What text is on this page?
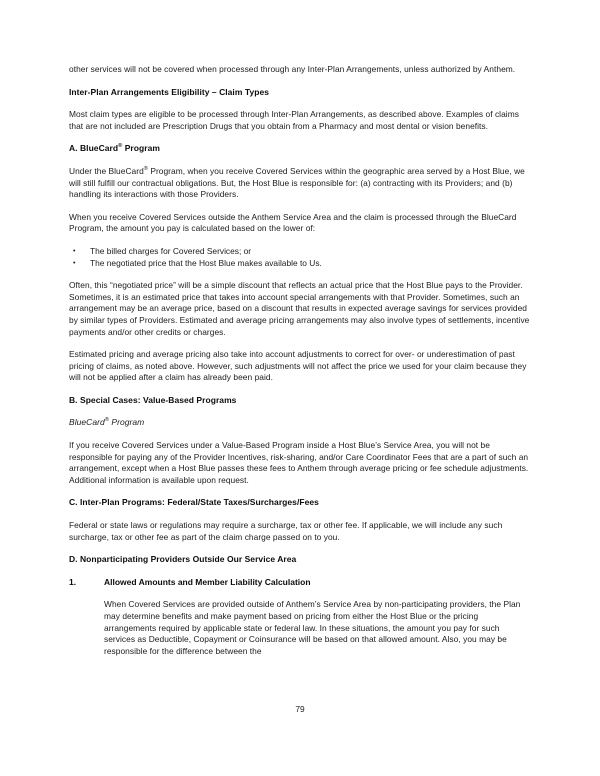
other services will not be covered when processed through any Inter-Plan Arrangements, unless authorized by Anthem.

Inter-Plan Arrangements Eligibility – Claim Types

Most claim types are eligible to be processed through Inter-Plan Arrangements, as described above. Examples of claims that are not included are Prescription Drugs that you obtain from a Pharmacy and most dental or vision benefits.

A. BlueCard® Program

Under the BlueCard® Program, when you receive Covered Services within the geographic area served by a Host Blue, we will still fulfill our contractual obligations. But, the Host Blue is responsible for: (a) contracting with its Providers; and (b) handling its interactions with those Providers.

When you receive Covered Services outside the Anthem Service Area and the claim is processed through the BlueCard Program, the amount you pay is calculated based on the lower of:

•	The billed charges for Covered Services; or
•	The negotiated price that the Host Blue makes available to Us.

Often, this “negotiated price” will be a simple discount that reflects an actual price that the Host Blue pays to the Provider. Sometimes, it is an estimated price that takes into account special arrangements with that Provider. Sometimes, such an arrangement may be an average price, based on a discount that results in expected average savings for services provided by similar types of Providers. Estimated and average pricing arrangements may also involve types of settlements, incentive payments and/or other credits or charges.

Estimated pricing and average pricing also take into account adjustments to correct for over- or underestimation of past pricing of claims, as noted above. However, such adjustments will not affect the price we used for your claim because they will not be applied after a claim has already been paid.

B. Special Cases: Value-Based Programs
BlueCard® Program

If you receive Covered Services under a Value-Based Program inside a Host Blue’s Service Area, you will not be responsible for paying any of the Provider Incentives, risk-sharing, and/or Care Coordinator Fees that are a part of such an arrangement, except when a Host Blue passes these fees to Anthem through average pricing or fee schedule adjustments. Additional information is available upon request.

C. Inter-Plan Programs: Federal/State Taxes/Surcharges/Fees

Federal or state laws or regulations may require a surcharge, tax or other fee. If applicable, we will include any such surcharge, tax or other fee as part of the claim charge passed on to you.

D. Nonparticipating Providers Outside Our Service Area
1.	Allowed Amounts and Member Liability Calculation

When Covered Services are provided outside of Anthem’s Service Area by non-participating providers, the Plan may determine benefits and make payment based on pricing from either the Host Blue or the pricing arrangements required by applicable state or federal law. In these situations, the amount you pay for such services as Deductible, Copayment or Coinsurance will be based on that allowed amount. Also, you may be responsible for the difference between the

79
